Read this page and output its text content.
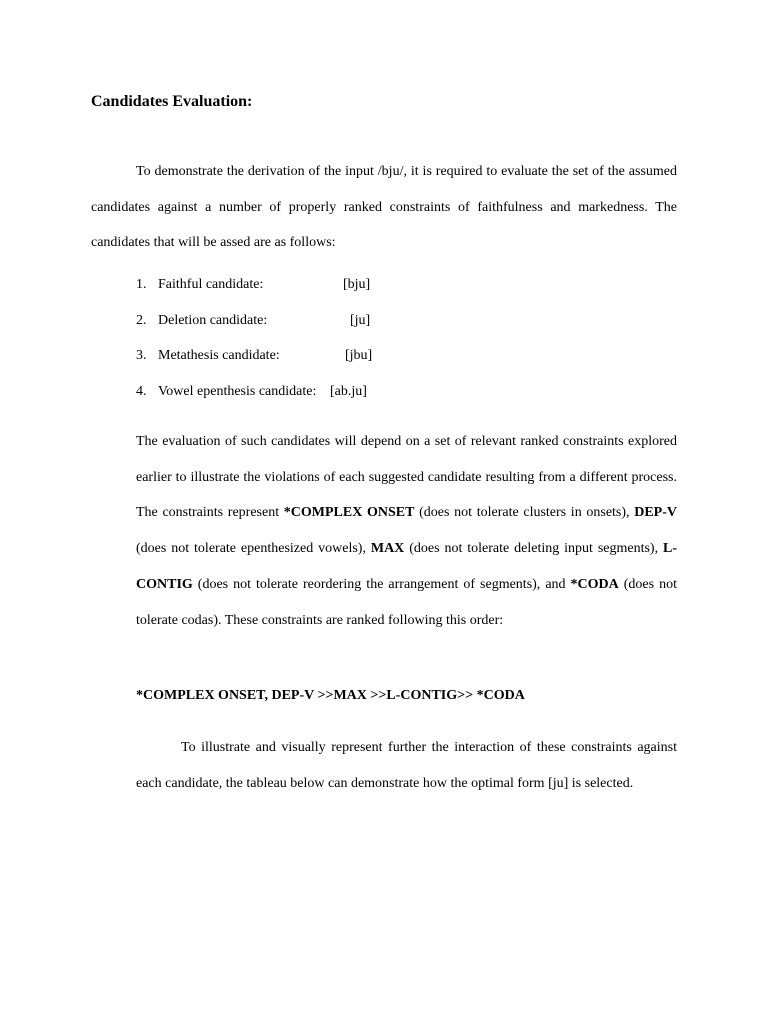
Candidates Evaluation:

To demonstrate the derivation of the input /bju/, it is required to evaluate the set of the assumed candidates against a number of properly ranked constraints of faithfulness and markedness. The candidates that will be assed are as follows:

1. Faithful candidate:	[bju]
2. Deletion candidate:	[ju]
3. Metathesis candidate:	[jbu]
4. Vowel epenthesis candidate: [ab.ju]

The evaluation of such candidates will depend on a set of relevant ranked constraints explored earlier to illustrate the violations of each suggested candidate resulting from a different process. The constraints represent *COMPLEX ONSET (does not tolerate clusters in onsets), DEP-V (does not tolerate epenthesized vowels), MAX (does not tolerate deleting input segments), L-CONTIG (does not tolerate reordering the arrangement of segments), and *CODA (does not tolerate codas). These constraints are ranked following this order:

*COMPLEX ONSET, DEP-V >>MAX >>L-CONTIG>> *CODA

To illustrate and visually represent further the interaction of these constraints against each candidate, the tableau below can demonstrate how the optimal form [ju] is selected.
